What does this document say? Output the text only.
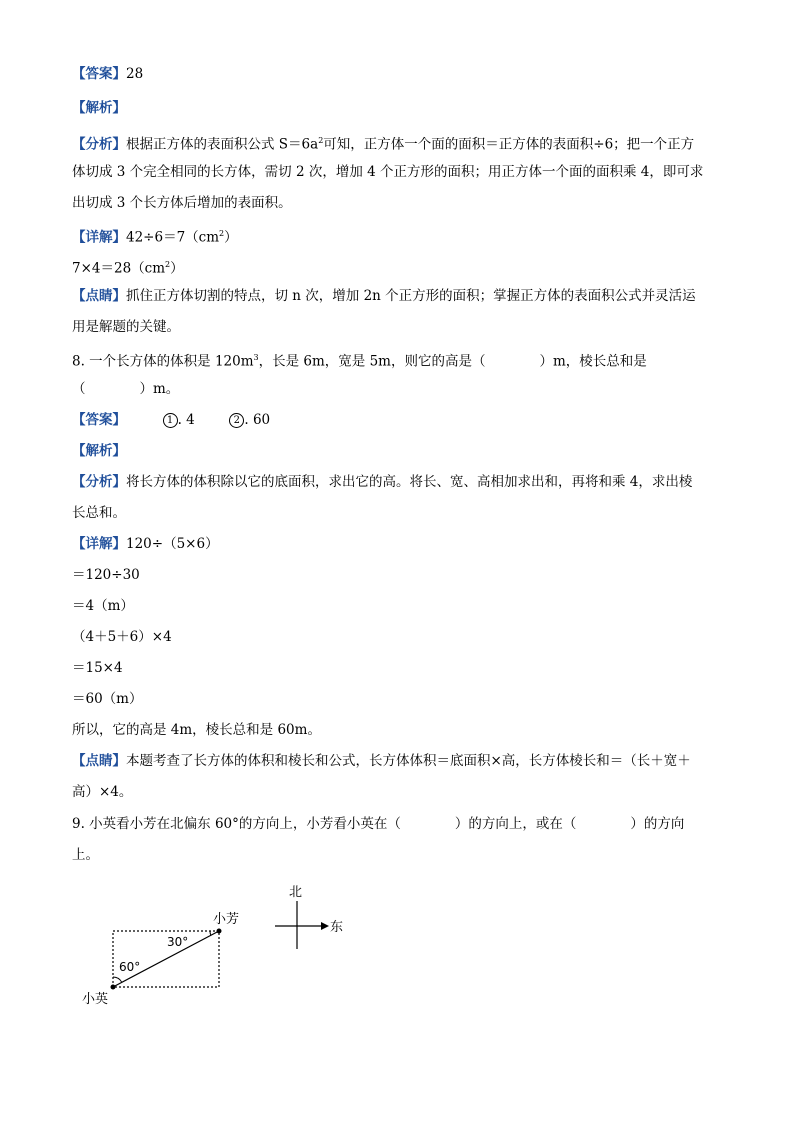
【答案】28
【解析】
【分析】根据正方体的表面积公式 $S=6a^2$可知，正方体一个面的面积＝正方体的表面积÷6；把一个正方
体切成 3 个完全相同的长方体，需切 2 次，增加 4 个正方形的面积；用正方体一个面的面积乘 4，即可求
出切成 3 个长方体后增加的表面积。
【详解】$42\div 6=7(cm^2)$
$7\times 4=28(cm^2)$
【点睛】抓住正方体切割的特点，切 n 次，增加 2n 个正方形的面积；掌握正方体的表面积公式并灵活运
用是解题的关键。
8. 一个长方体的体积是 $120m^3$，长是 6m，宽是 5m，则它的高是（　　　　）m，棱长总和是
（　　　　）m。
【答案】	1 . 4	2 . 60
【解析】
【分析】将长方体的体积除以它的底面积，求出它的高。将长、宽、高相加求出和，再将和乘 4，求出棱
长总和。
【详解】120÷（5×6）
＝120÷30
＝4（m）
（4＋5＋6）×4
＝15×4
＝60（m）
所以，它的高是 4m，棱长总和是 60m。
【点睛】本题考查了长方体的体积和棱长和公式，长方体体积＝底面积×高，长方体棱长和＝（长＋宽＋
高）×4。
9. 小英看小芳在北偏东 60°的方向上，小芳看小英在（　　　　）的方向上，或在（　　　　）的方向
上。
小芳
小英
30°
60°
北
东
